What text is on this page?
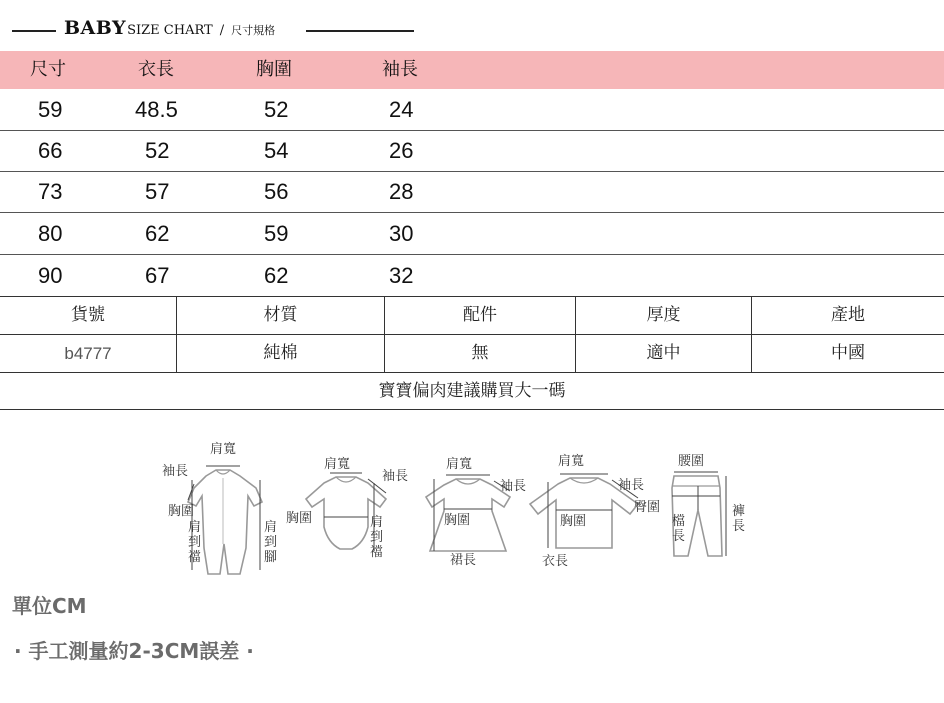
BABYSIZE CHART / 尺寸規格
尺寸	衣長	胸圍	袖長
59	48.5	52	24
66	52	54	26
73	57	56	28
80	62	59	30
90	67	62	32
貨號	材質	配件	厚度	產地
b4777	純棉	無	適中	中國
寶寶偏肉建議購買大一碼
肩寬
袖長
胸圍
肩到襠
肩到腳
肩寬
袖長
胸圍	肩到襠
肩寬
袖長
胸圍
裙長
肩寬
袖長
胸圍
衣長
腰圍
臀圍
檔長
褲長
單位CM
· 手工測量約2-3CM誤差 ·
